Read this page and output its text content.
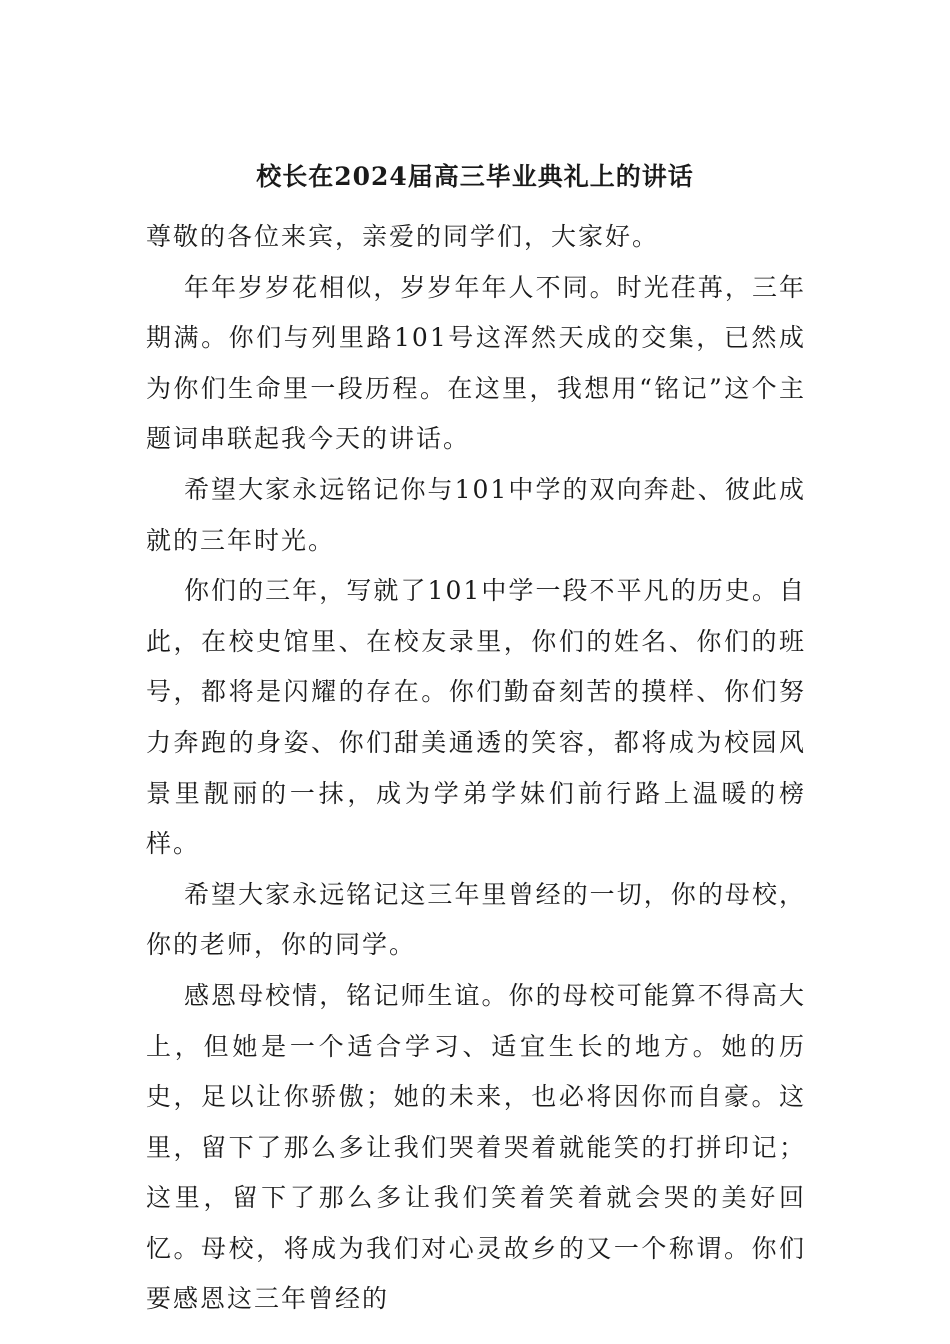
校长在2024届高三毕业典礼上的讲话

尊敬的各位来宾，亲爱的同学们，大家好。

年年岁岁花相似，岁岁年年人不同。时光荏苒，三年期满。你们与列里路101号这浑然天成的交集，已然成为你们生命里一段历程。在这里，我想用“铭记”这个主题词串联起我今天的讲话。

希望大家永远铭记你与101中学的双向奔赴、彼此成就的三年时光。

你们的三年，写就了101中学一段不平凡的历史。自此，在校史馆里、在校友录里，你们的姓名、你们的班号，都将是闪耀的存在。你们勤奋刻苦的摸样、你们努力奔跑的身姿、你们甜美通透的笑容，都将成为校园风景里靓丽的一抹，成为学弟学妹们前行路上温暖的榜样。

希望大家永远铭记这三年里曾经的一切，你的母校，你的老师，你的同学。

感恩母校情，铭记师生谊。你的母校可能算不得高大上，但她是一个适合学习、适宜生长的地方。她的历史，足以让你骄傲；她的未来，也必将因你而自豪。这里，留下了那么多让我们哭着哭着就能笑的打拼印记；这里，留下了那么多让我们笑着笑着就会哭的美好回忆。母校，将成为我们对心灵故乡的又一个称谓。你们要感恩这三年曾经的
